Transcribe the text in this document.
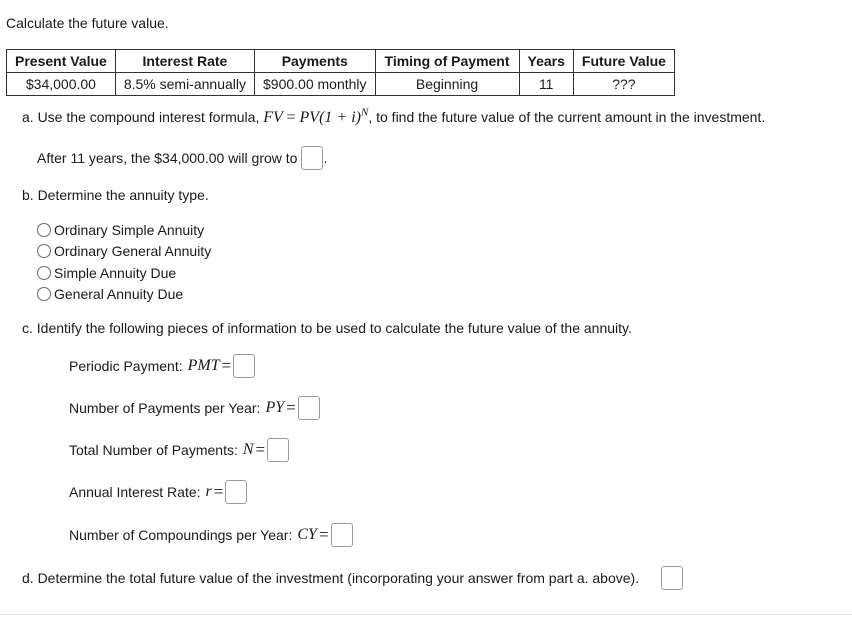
Calculate the future value.
Present Value	Interest Rate	Payments	Timing of Payment	Years	Future Value
$34,000.00	8.5% semi-annually	$900.00 monthly	Beginning	11	???
a. Use the compound interest formula, FV = $PV(1 + i)^N$, to find the future value of the current amount in the investment.
After 11 years, the $34,000.00 will grow to .
b. Determine the annuity type.
Ordinary Simple Annuity
Ordinary General Annuity
Simple Annuity Due
General Annuity Due
c. Identify the following pieces of information to be used to calculate the future value of the annuity.
Periodic Payment: PMT =
Number of Payments per Year: PY =
Total Number of Payments: N =
Annual Interest Rate: r =
Number of Compoundings per Year: CY =
d. Determine the total future value of the investment (incorporating your answer from part a. above).
